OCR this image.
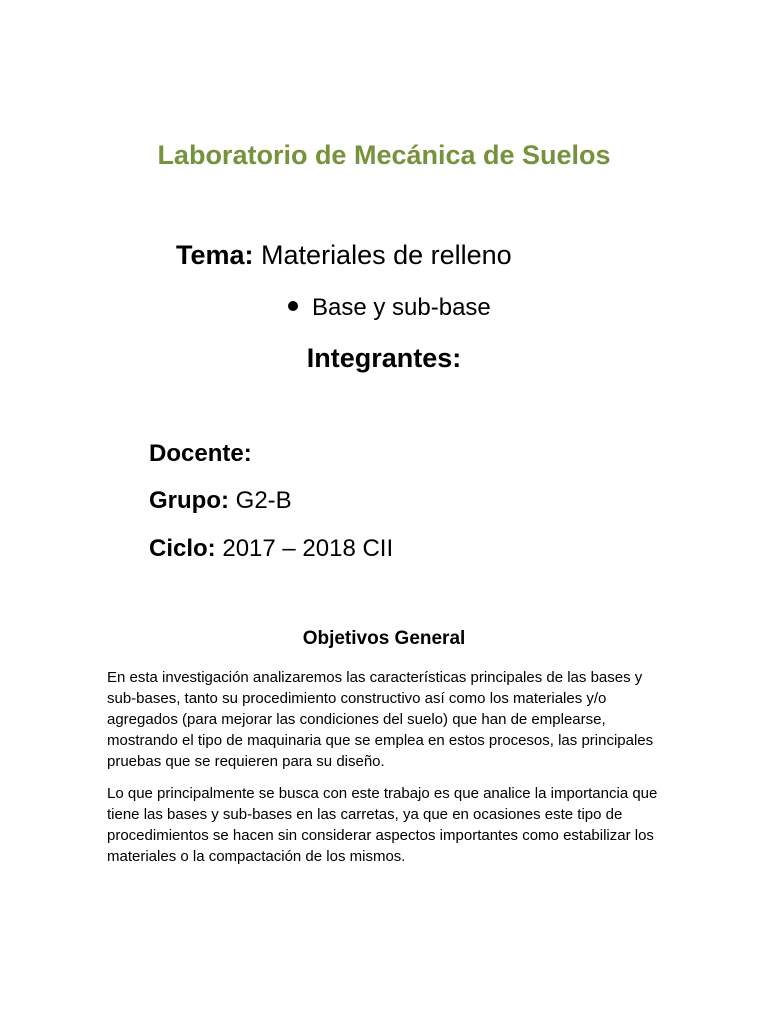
Laboratorio de Mecánica de Suelos
Tema: Materiales de relleno
Base y sub-base
Integrantes:
Docente:
Grupo: G2-B
Ciclo: 2017 – 2018 CII
Objetivos General

En esta investigación analizaremos las características principales de las bases y sub-bases, tanto su procedimiento constructivo así como los materiales y/o agregados (para mejorar las condiciones del suelo) que han de emplearse, mostrando el tipo de maquinaria que se emplea en estos procesos, las principales pruebas que se requieren para su diseño.

Lo que principalmente se busca con este trabajo es que analice la importancia que tiene las bases y sub-bases en las carretas, ya que en ocasiones este tipo de procedimientos se hacen sin considerar aspectos importantes como estabilizar los materiales o la compactación de los mismos.
